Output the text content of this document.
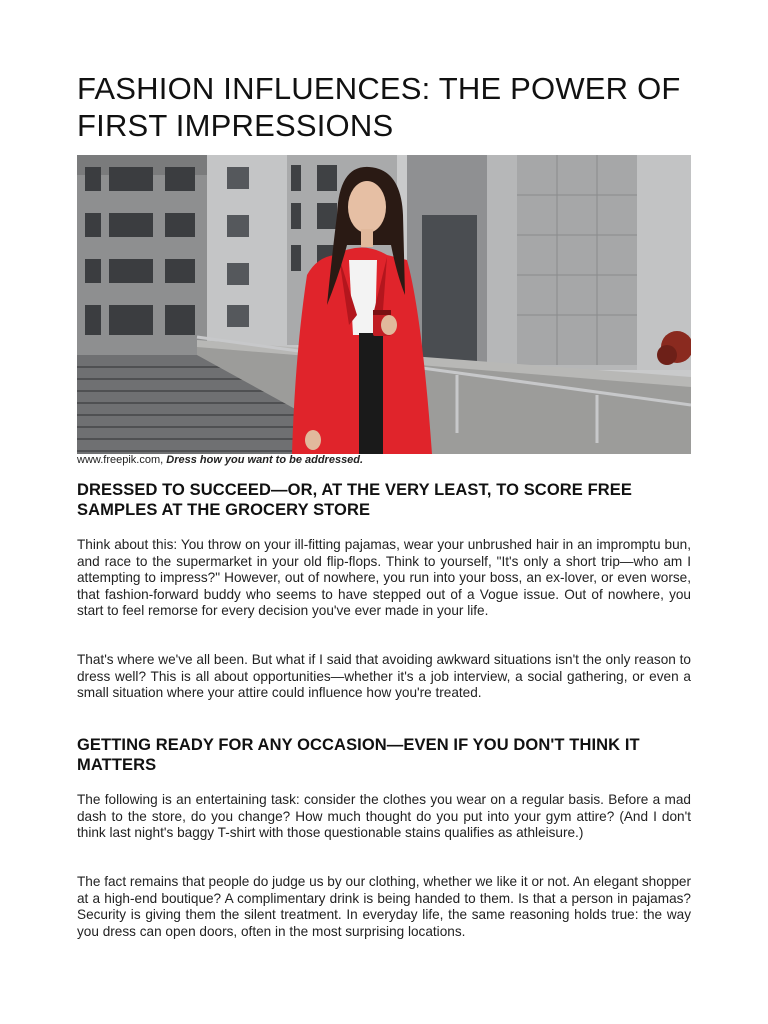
FASHION INFLUENCES: THE POWER OF FIRST IMPRESSIONS
www.freepik.com, Dress how you want to be addressed.
DRESSED TO SUCCEED—OR, AT THE VERY LEAST, TO SCORE FREE SAMPLES AT THE GROCERY STORE

Think about this: You throw on your ill-fitting pajamas, wear your unbrushed hair in an impromptu bun, and race to the supermarket in your old flip-flops. Think to yourself, "It's only a short trip—who am I attempting to impress?" However, out of nowhere, you run into your boss, an ex-lover, or even worse, that fashion-forward buddy who seems to have stepped out of a Vogue issue. Out of nowhere, you start to feel remorse for every decision you've ever made in your life.

That's where we've all been. But what if I said that avoiding awkward situations isn't the only reason to dress well? This is all about opportunities—whether it's a job interview, a social gathering, or even a small situation where your attire could influence how you're treated.

GETTING READY FOR ANY OCCASION—EVEN IF YOU DON'T THINK IT MATTERS

The following is an entertaining task: consider the clothes you wear on a regular basis. Before a mad dash to the store, do you change? How much thought do you put into your gym attire? (And I don't think last night's baggy T-shirt with those questionable stains qualifies as athleisure.)

The fact remains that people do judge us by our clothing, whether we like it or not. An elegant shopper at a high-end boutique? A complimentary drink is being handed to them. Is that a person in pajamas? Security is giving them the silent treatment. In everyday life, the same reasoning holds true: the way you dress can open doors, often in the most surprising locations.
